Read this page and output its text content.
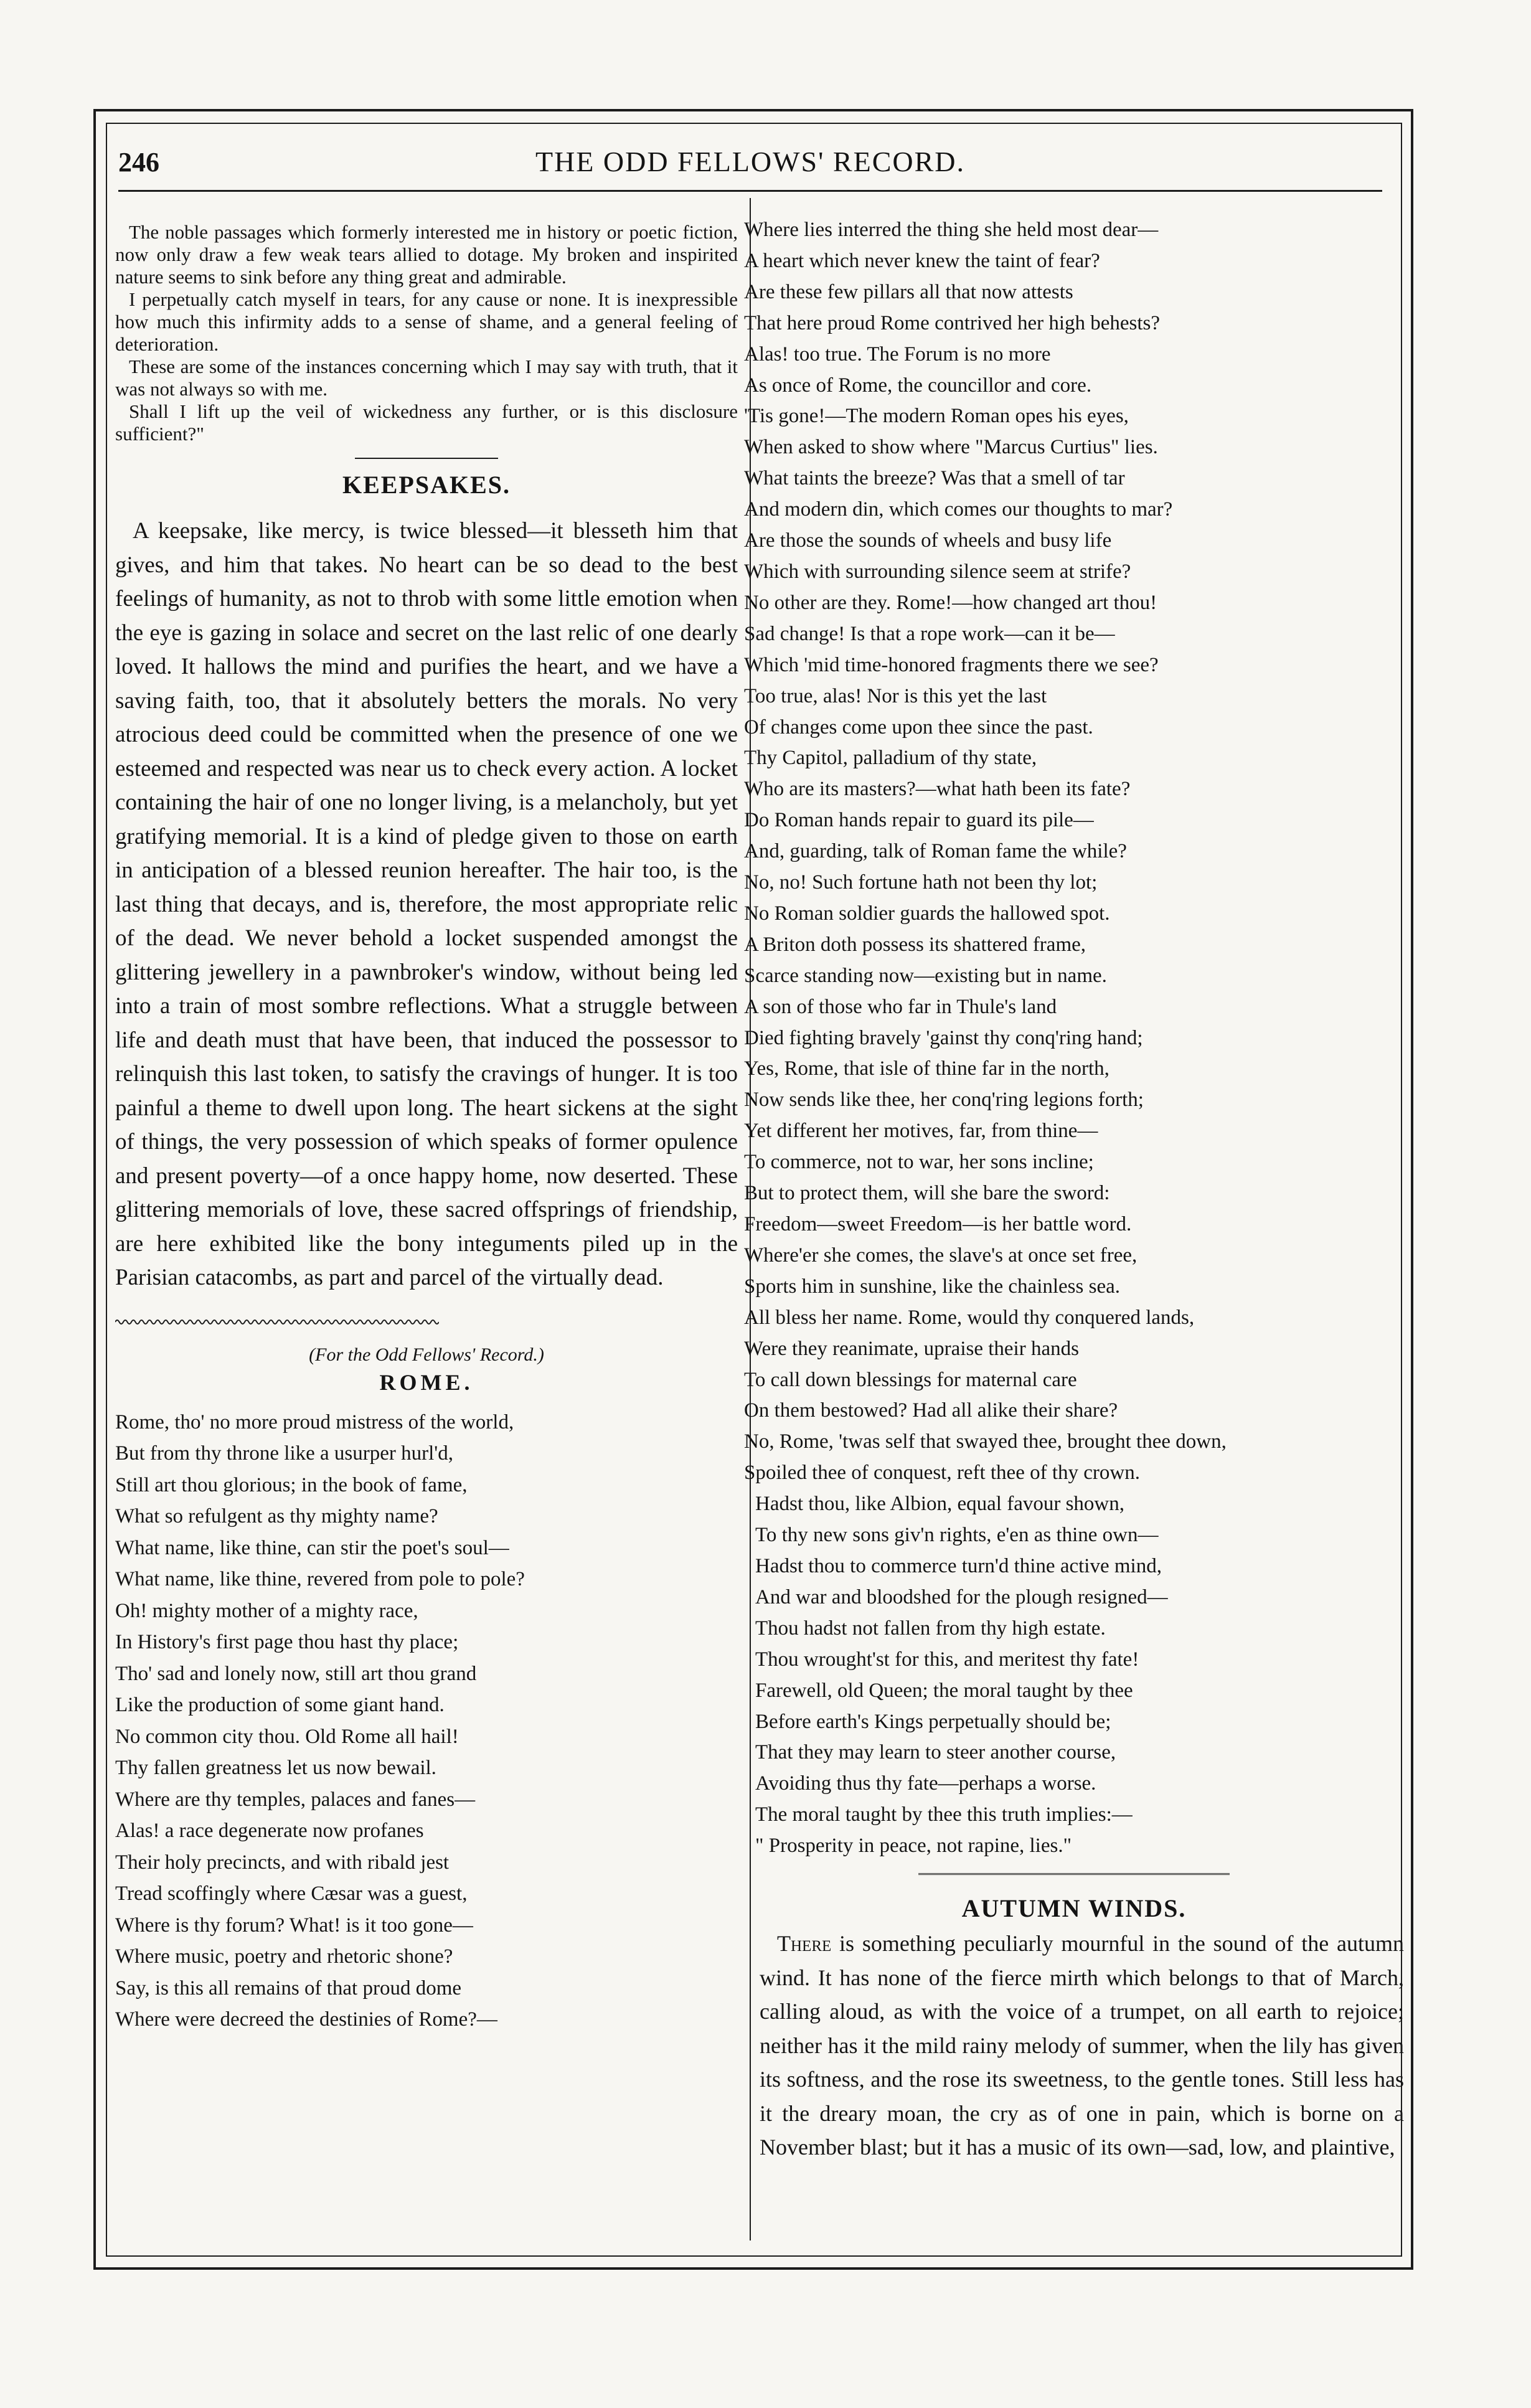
246	THE ODD FELLOWS' RECORD.

The noble passages which formerly interested me in history or poetic fiction, now only draw a few weak tears allied to dotage. My broken and inspirited nature seems to sink before any thing great and admirable.

I perpetually catch myself in tears, for any cause or none. It is inexpressible how much this infirmity adds to a sense of shame, and a general feeling of deterioration.

These are some of the instances concerning which I may say with truth, that it was not always so with me.

Shall I lift up the veil of wickedness any further, or is this disclosure sufficient?"

KEEPSAKES.

A keepsake, like mercy, is twice blessed—it blesseth him that gives, and him that takes. No heart can be so dead to the best feelings of humanity, as not to throb with some little emotion when the eye is gazing in solace and secret on the last relic of one dearly loved. It hallows the mind and purifies the heart, and we have a saving faith, too, that it absolutely betters the morals. No very atrocious deed could be committed when the presence of one we esteemed and respected was near us to check every action. A locket containing the hair of one no longer living, is a melancholy, but yet gratifying memorial. It is a kind of pledge given to those on earth in anticipation of a blessed reunion hereafter. The hair too, is the last thing that decays, and is, therefore, the most appropriate relic of the dead. We never behold a locket suspended amongst the glittering jewellery in a pawnbroker's window, without being led into a train of most sombre reflections. What a struggle between life and death must that have been, that induced the possessor to relinquish this last token, to satisfy the cravings of hunger. It is too painful a theme to dwell upon long. The heart sickens at the sight of things, the very possession of which speaks of former opulence and present poverty—of a once happy home, now deserted. These glittering memorials of love, these sacred offsprings of friendship, are here exhibited like the bony integuments piled up in the Parisian catacombs, as part and parcel of the virtually dead.

(For the Odd Fellows' Record.)

ROME.
Rome, tho' no more proud mistress of the world,
But from thy throne like a usurper hurl'd,
Still art thou glorious; in the book of fame,
What so refulgent as thy mighty name?
What name, like thine, can stir the poet's soul—
What name, like thine, revered from pole to pole?
Oh! mighty mother of a mighty race,
In History's first page thou hast thy place;
Tho' sad and lonely now, still art thou grand
Like the production of some giant hand.
No common city thou. Old Rome all hail!
Thy fallen greatness let us now bewail.
Where are thy temples, palaces and fanes—
Alas! a race degenerate now profanes
Their holy precincts, and with ribald jest
Tread scoffingly where Cæsar was a guest,
Where is thy forum? What! is it too gone—
Where music, poetry and rhetoric shone?
Say, is this all remains of that proud dome
Where were decreed the destinies of Rome?—
Where lies interred the thing she held most dear—
A heart which never knew the taint of fear?
Are these few pillars all that now attests
That here proud Rome contrived her high behests?
Alas! too true. The Forum is no more
As once of Rome, the councillor and core.
'Tis gone!—The modern Roman opes his eyes,
When asked to show where "Marcus Curtius" lies.
What taints the breeze? Was that a smell of tar
And modern din, which comes our thoughts to mar?
Are those the sounds of wheels and busy life
Which with surrounding silence seem at strife?
No other are they. Rome!—how changed art thou!
Sad change! Is that a rope work—can it be—
Which 'mid time-honored fragments there we see?
Too true, alas! Nor is this yet the last
Of changes come upon thee since the past.
Thy Capitol, palladium of thy state,
Who are its masters?—what hath been its fate?
Do Roman hands repair to guard its pile—
And, guarding, talk of Roman fame the while?
No, no! Such fortune hath not been thy lot;
No Roman soldier guards the hallowed spot.
A Briton doth possess its shattered frame,
Scarce standing now—existing but in name.
A son of those who far in Thule's land
Died fighting bravely 'gainst thy conq'ring hand;
Yes, Rome, that isle of thine far in the north,
Now sends like thee, her conq'ring legions forth;
Yet different her motives, far, from thine—
To commerce, not to war, her sons incline;
But to protect them, will she bare the sword:
Freedom—sweet Freedom—is her battle word.
Where'er she comes, the slave's at once set free,
Sports him in sunshine, like the chainless sea.
All bless her name. Rome, would thy conquered lands,
Were they reanimate, upraise their hands
To call down blessings for maternal care
On them bestowed? Had all alike their share?
No, Rome, 'twas self that swayed thee, brought thee down,
Spoiled thee of conquest, reft thee of thy crown.
Hadst thou, like Albion, equal favour shown,
To thy new sons giv'n rights, e'en as thine own—
Hadst thou to commerce turn'd thine active mind,
And war and bloodshed for the plough resigned—
Thou hadst not fallen from thy high estate.
Thou wrought'st for this, and meritest thy fate!
Farewell, old Queen; the moral taught by thee
Before earth's Kings perpetually should be;
That they may learn to steer another course,
Avoiding thus thy fate—perhaps a worse.
The moral taught by thee this truth implies:—
" Prosperity in peace, not rapine, lies."
AUTUMN WINDS.

There is something peculiarly mournful in the sound of the autumn wind. It has none of the fierce mirth which belongs to that of March, calling aloud, as with the voice of a trumpet, on all earth to rejoice; neither has it the mild rainy melody of summer, when the lily has given its softness, and the rose its sweetness, to the gentle tones. Still less has it the dreary moan, the cry as of one in pain, which is borne on a November blast; but it has a music of its own—sad, low, and plaintive,
